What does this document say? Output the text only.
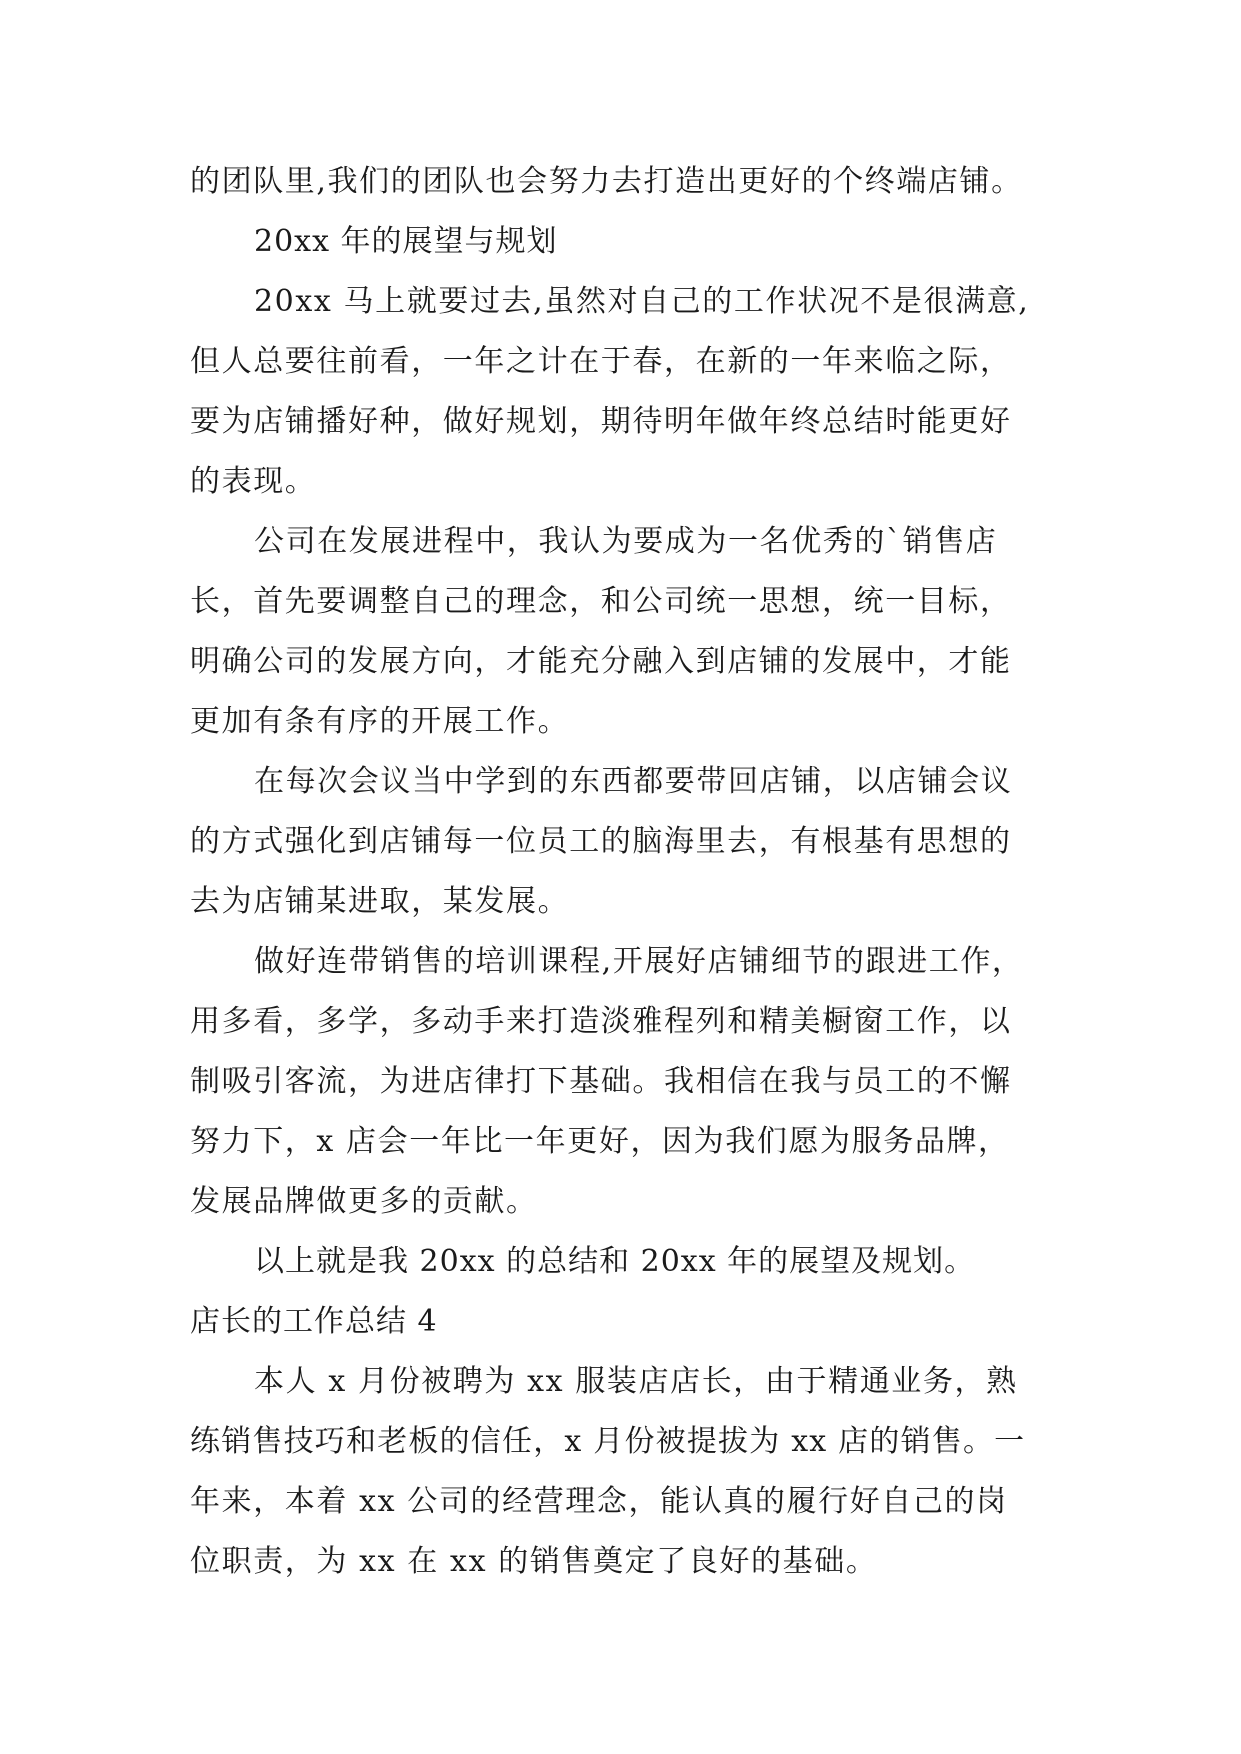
的团队里,我们的团队也会努力去打造出更好的个终端店铺。
20xx 年的展望与规划
20xx 马上就要过去,虽然对自己的工作状况不是很满意,
但人总要往前看，一年之计在于春，在新的一年来临之际，
要为店铺播好种，做好规划，期待明年做年终总结时能更好
的表现。
公司在发展进程中，我认为要成为一名优秀的`销售店
长，首先要调整自己的理念，和公司统一思想，统一目标，
明确公司的发展方向，才能充分融入到店铺的发展中，才能
更加有条有序的开展工作。
在每次会议当中学到的东西都要带回店铺，以店铺会议
的方式强化到店铺每一位员工的脑海里去，有根基有思想的
去为店铺某进取，某发展。
做好连带销售的培训课程,开展好店铺细节的跟进工作，
用多看，多学，多动手来打造淡雅程列和精美橱窗工作，以
制吸引客流，为进店律打下基础。我相信在我与员工的不懈
努力下，x 店会一年比一年更好，因为我们愿为服务品牌，
发展品牌做更多的贡献。
以上就是我 20xx 的总结和 20xx 年的展望及规划。
店长的工作总结 4
本人 x 月份被聘为 xx 服装店店长，由于精通业务，熟
练销售技巧和老板的信任，x 月份被提拔为 xx 店的销售。一
年来，本着 xx 公司的经营理念，能认真的履行好自己的岗
位职责，为 xx 在 xx 的销售奠定了良好的基础。
